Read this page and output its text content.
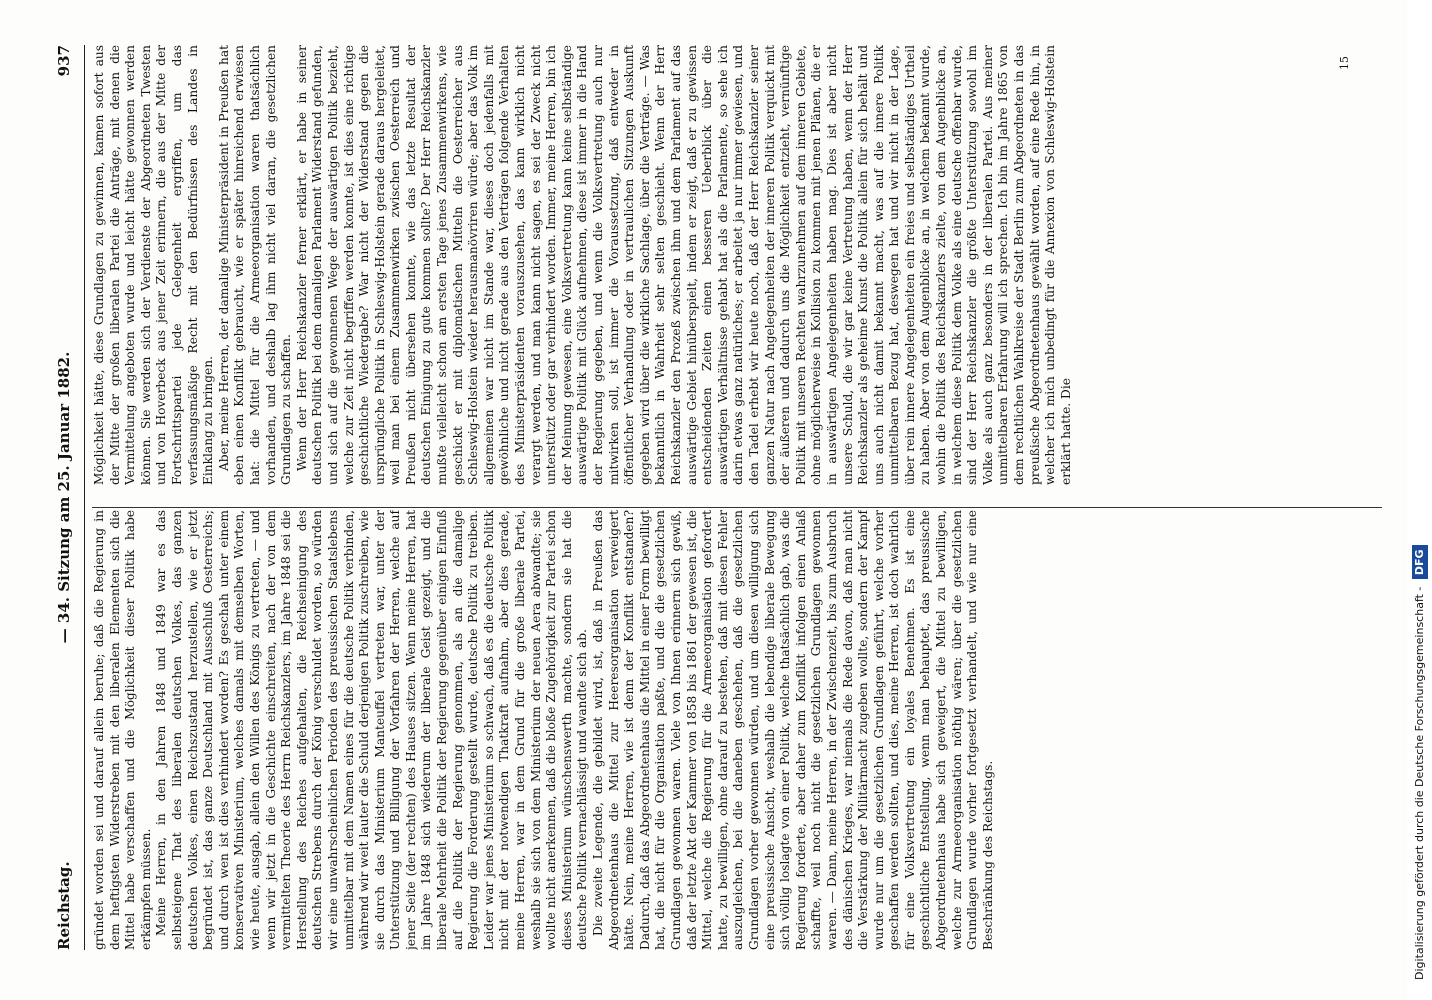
Reichstag.
— 34. Sitzung am 25. Januar 1882.
937

gründet worden sei und darauf allein beruhe; daß die Regierung in dem heftigsten Widerstreben mit den liberalen Elementen sich die Mittel habe verschaffen und die Möglichkeit dieser Politik habe erkämpfen müssen. Meine Herren, in den Jahren 1848 und 1849 war es das selbsteigene That des liberalen deutschen Volkes, das ganzen deutschen Volkes, einen Reichszustand herzustellen, wie er jetzt begründet ist, das ganze Deutschland mit Ausschluß Oesterreichs; und durch wen ist dies verhindert worden? Es geschah unter einem konservativen Ministerium, welches damals mit demselben Worten, wie heute, ausgab, allein den Willen des Königs zu vertreten, — und wenn wir jetzt in die Geschichte einschreiten, nach der von dem vermittelten Theorie des Herrn Reichskanzlers, im Jahre 1848 sei die Herstellung des Reiches aufgehalten, die Reichseinigung des deutschen Strebens durch der König verschuldet worden, so würden wir eine unwahrscheinlichen Perioden des preussischen Staatslebens unmittelbar mit dem Namen eines für die deutsche Politik verbinden, während wir weit lauter die Schuld derjenigen Politik zuschreiben, wie sie durch das Ministerium Manteuffel vertreten war, unter der Unterstützung und Billigung der Vorfahren der Herren, welche auf jener Seite (der rechten) des Hauses sitzen. Wenn meine Herren, hat im Jahre 1848 sich wiederum der liberale Geist gezeigt, und die liberale Mehrheit die Politik der Regierung gegenüber einigen Einfluß auf die Politik der Regierung genommen, als an die damalige Regierung die Forderung gestellt wurde, deutsche Politik zu treiben. Leider war jenes Ministerium so schwach, daß es die deutsche Politik nicht mit der notwendigen Thatkraft aufnahm, aber dies gerade, meine Herren, war in dem Grund für die große liberale Partei, weshalb sie sich von dem Ministerium der neuen Aera abwandte; sie wollte nicht anerkennen, daß die bloße Zugehörigkeit zur Partei schon dieses Ministerium wünschenswerth machte, sondern sie hat die deutsche Politik vernachlässigt und wandte sich ab. Die zweite Legende, die gebildet wird, ist, daß in Preußen das Abgeordnetenhaus die Mittel zur Heeresorganisation verweigert hätte. Nein, meine Herren, wie ist denn der Konflikt entstanden? Dadurch, daß das Abgeordnetenhaus die Mittel in einer Form bewilligt hat, die nicht für die Organisation paßte, und die die gesetzlichen Grundlagen gewonnen waren. Viele von Ihnen erinnern sich gewiß, daß der letzte Akt der Kammer von 1858 bis 1861 der gewesen ist, die Mittel, welche die Regierung für die Armeeorganisation gefordert hatte, zu bewilligen, ohne darauf zu bestehen, daß mit diesen Fehler auszugleichen, bei die daneben geschehen, daß die gesetzlichen Grundlagen vorher gewonnen würden, und um diesen willigung sich eine preussische Ansicht, weshalb die lebendige liberale Bewegung sich völlig loslagte von einer Politik, welche thatsächlich gab, was die Regierung forderte, aber daher zum Konflikt infolgen einen Anlaß schaffte, weil noch nicht die gesetzlichen Grundlagen gewonnen waren. — Dann, meine Herren, in der Zwischenzeit, bis zum Ausbruch des dänischen Krieges, war niemals die Rede davon, daß man nicht die Verstärkung der Militärmacht zugeben wollte, sondern der Kampf wurde nur um die gesetzlichen Grundlagen geführt, welche vorher geschaffen werden sollten, und dies, meine Herren, ist doch wahrlich für eine Volksvertretung ein loyales Benehmen. Es ist eine geschichtliche Entstellung, wenn man behauptet, das preussische Abgeordnetenhaus habe sich geweigert, die Mittel zu bewilligen, welche zur Armeeorganisation nöthig wären; über die gesetzlichen Grundlagen wurde vorher fortgesetzt verhandelt, und wie nur eine Beschränkung des Reichstags.

Möglichkeit hätte, diese Grundlagen zu gewinnen, kamen sofort aus der Mitte der großen liberalen Partei die Anträge, mit denen die Vermittelung angeboten wurde und leicht hätte gewonnen werden können. Sie werden sich der Verdienste der Abgeordneten Twesten und von Hoverbeck aus jener Zeit erinnern, die aus der Mitte der Fortschrittspartei jede Gelegenheit ergriffen, um das verfassungsmäßige Recht mit den Bedürfnissen des Landes in Einklang zu bringen. Aber, meine Herren, der damalige Ministerpräsident in Preußen hat eben einen Konflikt gebraucht, wie er später hinreichend erwiesen hat: die Mittel für die Armeeorganisation waren thatsächlich vorhanden, und deshalb lag ihm nicht viel daran, die gesetzlichen Grundlagen zu schaffen. Wenn der Herr Reichskanzler ferner erklärt, er habe in seiner deutschen Politik bei dem damaligen Parlament Widerstand gefunden, und sich auf die gewonnenen Wege der auswärtigen Politik bezieht, welche zur Zeit nicht begriffen werden konnte, ist dies eine richtige geschichtliche Wiedergabe? War nicht der Widerstand gegen die ursprüngliche Politik in Schleswig-Holstein gerade daraus hergeleitet, weil man bei einem Zusammenwirken zwischen Oesterreich und Preußen nicht übersehen konnte, wie das letzte Resultat der deutschen Einigung zu gute kommen sollte? Der Herr Reichskanzler mußte vielleicht schon am ersten Tage jenes Zusammenwirkens, wie geschickt er mit diplomatischen Mitteln die Oesterreicher aus Schleswig-Holstein wieder herausmanövriren würde; aber das Volk im allgemeinen war nicht im Stande war, dieses doch jedenfalls mit gewöhnliche und nicht gerade aus den Verträgen folgende Verhalten des Ministerpräsidenten vorauszusehen, das kann wirklich nicht verargt werden, und man kann nicht sagen, es sei der Zweck nicht unterstützt oder gar verhindert worden. Immer, meine Herren, bin ich der Meinung gewesen, eine Volksvertretung kann keine selbständige auswärtige Politik mit Glück aufnehmen, diese ist immer in die Hand der Regierung gegeben, und wenn die Volksvertretung auch nur mitwirken soll, ist immer die Voraussetzung, daß entweder in öffentlicher Verhandlung oder in vertraulichen Sitzungen Auskunft gegeben wird über die wirkliche Sachlage, über die Verträge. — Was bekanntlich in Wahrheit sehr selten geschieht. Wenn der Herr Reichskanzler den Prozeß zwischen ihm und dem Parlament auf das auswärtige Gebiet hinüberspielt, indem er zeigt, daß er zu gewissen entscheidenden Zeiten einen besseren Ueberblick über die auswärtigen Verhältnisse gehabt hat als die Parlamente, so sehe ich darin etwas ganz natürliches; er arbeitet ja nur immer gewiesen, und den Tadel erhebt wir heute noch, daß der Herr Reichskanzler seiner ganzen Natur nach Angelegenheiten der inneren Politik verquickt mit der äußeren und dadurch uns die Möglichkeit entzieht, vernünftige Politik mit unseren Rechten wahrzunehmen auf dem inneren Gebiete, ohne möglicherweise in Kollision zu kommen mit jenen Plänen, die er in auswärtigen Angelegenheiten haben mag. Dies ist aber nicht unsere Schuld, die wir gar keine Vertretung haben, wenn der Herr Reichskanzler als geheime Kunst die Politik allein für sich behält und uns auch nicht damit bekannt macht, was auf die innere Politik unmittelbaren Bezug hat, deswegen hat und wir nicht in der Lage, über rein innere Angelegenheiten ein freies und selbständiges Urtheil zu haben. Aber von dem Augenblicke an, in welchem bekannt wurde, wohin die Politik des Reichskanzlers zielte, von dem Augenblicke an, in welchem diese Politik dem Volke als eine deutsche offenbar wurde, sind der Herr Reichskanzler die größte Unterstützung sowohl im Volke als auch ganz besonders in der liberalen Partei. Aus meiner unmittelbaren Erfahrung will ich sprechen. Ich bin im Jahre 1865 von dem rechtlichen Wahlkreise der Stadt Berlin zum Abgeordneten in das preußische Abgeordnetenhaus gewählt worden, auf eine Rede hin, in welcher ich mich unbedingt für die Annexion von Schleswig-Holstein erklärt hatte. Die

15
Digitalisierung gefördert durch die Deutsche Forschungsgemeinschaft - DFG
